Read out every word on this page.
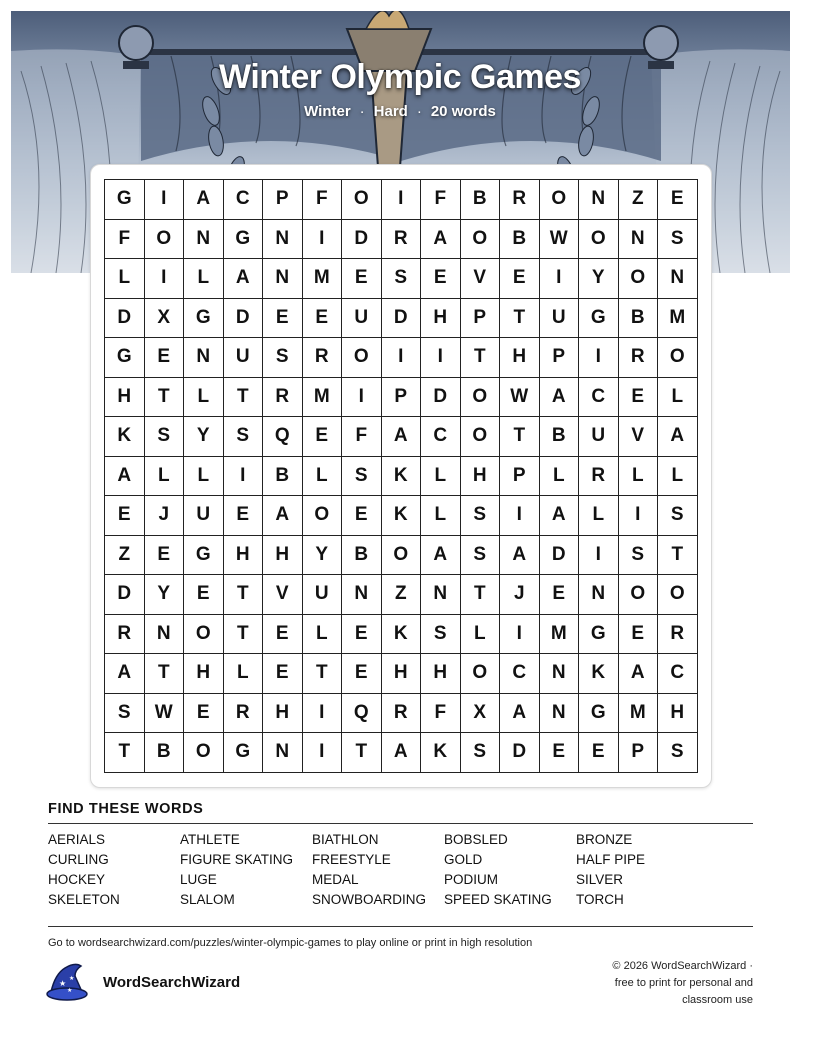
Winter Olympic Games
Winter · Hard · 20 words
G	I	A	C	P	F	O	I	F	B	R	O	N	Z	E
F	O	N	G	N	I	D	R	A	O	B	W	O	N	S
L	I	L	A	N	M	E	S	E	V	E	I	Y	O	N
D	X	G	D	E	E	U	D	H	P	T	U	G	B	M
G	E	N	U	S	R	O	I	I	T	H	P	I	R	O
H	T	L	T	R	M	I	P	D	O	W	A	C	E	L
K	S	Y	S	Q	E	F	A	C	O	T	B	U	V	A
A	L	L	I	B	L	S	K	L	H	P	L	R	L	L
E	J	U	E	A	O	E	K	L	S	I	A	L	I	S
Z	E	G	H	H	Y	B	O	A	S	A	D	I	S	T
D	Y	E	T	V	U	N	Z	N	T	J	E	N	O	O
R	N	O	T	E	L	E	K	S	L	I	M	G	E	R
A	T	H	L	E	T	E	H	H	O	C	N	K	A	C
S	W	E	R	H	I	Q	R	F	X	A	N	G	M	H
T	B	O	G	N	I	T	A	K	S	D	E	E	P	S
FIND THESE WORDS
AERIALS	ATHLETE	BIATHLON	BOBSLED	BRONZE
CURLING	FIGURE SKATING	FREESTYLE	GOLD	HALF PIPE
HOCKEY	LUGE	MEDAL	PODIUM	SILVER
SKELETON	SLALOM	SNOWBOARDING	SPEED SKATING	TORCH
Go to wordsearchwizard.com/puzzles/winter-olympic-games to play online or print in high resolution
★
★
★ WordSearchWizard
© 2026 WordSearchWizard ·
free to print for personal and
classroom use
